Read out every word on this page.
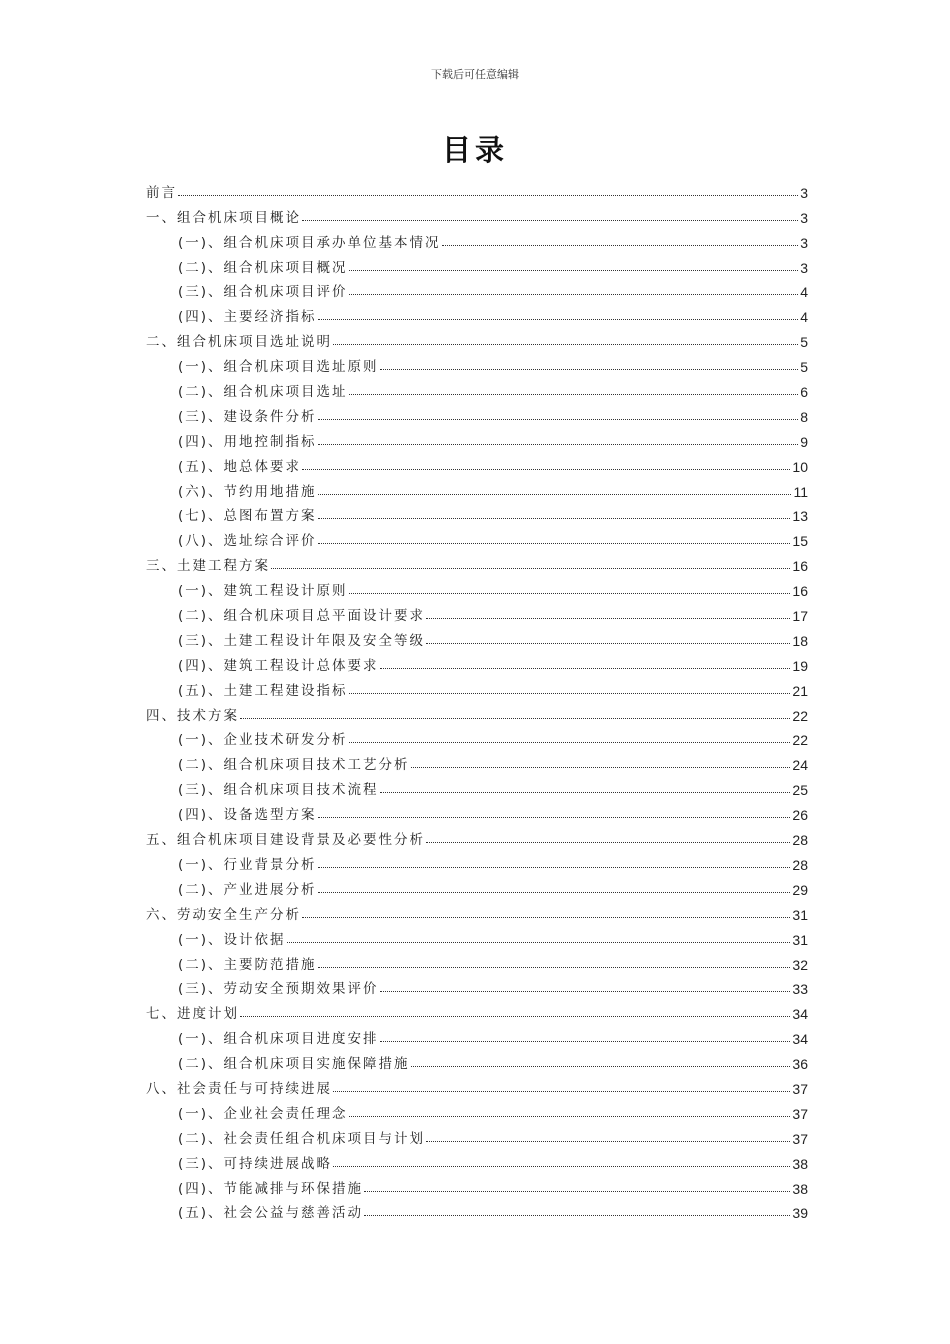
下载后可任意编辑
目录
前言	3
一、组合机床项目概论	3
(一)、组合机床项目承办单位基本情况	3
(二)、组合机床项目概况	3
(三)、组合机床项目评价	4
(四)、主要经济指标	4
二、组合机床项目选址说明	5
(一)、组合机床项目选址原则	5
(二)、组合机床项目选址	6
(三)、建设条件分析	8
(四)、用地控制指标	9
(五)、地总体要求	10
(六)、节约用地措施	11
(七)、总图布置方案	13
(八)、选址综合评价	15
三、土建工程方案	16
(一)、建筑工程设计原则	16
(二)、组合机床项目总平面设计要求	17
(三)、土建工程设计年限及安全等级	18
(四)、建筑工程设计总体要求	19
(五)、土建工程建设指标	21
四、技术方案	22
(一)、企业技术研发分析	22
(二)、组合机床项目技术工艺分析	24
(三)、组合机床项目技术流程	25
(四)、设备选型方案	26
五、组合机床项目建设背景及必要性分析	28
(一)、行业背景分析	28
(二)、产业进展分析	29
六、劳动安全生产分析	31
(一)、设计依据	31
(二)、主要防范措施	32
(三)、劳动安全预期效果评价	33
七、进度计划	34
(一)、组合机床项目进度安排	34
(二)、组合机床项目实施保障措施	36
八、社会责任与可持续进展	37
(一)、企业社会责任理念	37
(二)、社会责任组合机床项目与计划	37
(三)、可持续进展战略	38
(四)、节能减排与环保措施	38
(五)、社会公益与慈善活动	39
